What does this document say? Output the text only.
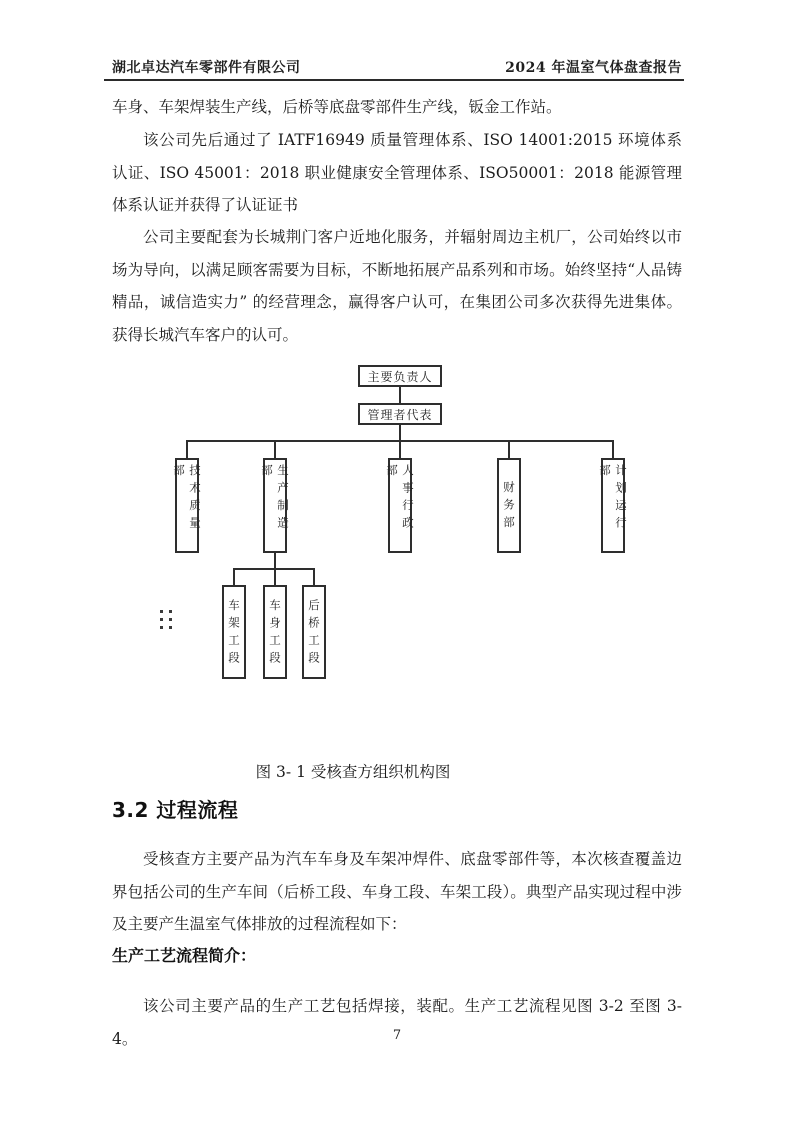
湖北卓达汽车零部件有限公司	2024 年温室气体盘查报告
车身、车架焊装生产线，后桥等底盘零部件生产线，钣金工作站。
该公司先后通过了 IATF16949 质量管理体系、ISO 14001:2015 环境体系认证、ISO 45001：2018 职业健康安全管理体系、ISO50001：2018 能源管理体系认证并获得了认证证书
公司主要配套为长城荆门客户近地化服务，并辐射周边主机厂，公司始终以市场为导向，以满足顾客需要为目标，不断地拓展产品系列和市场。始终坚持“人品铸精品，诚信造实力” 的经营理念，赢得客户认可，在集团公司多次获得先进集体。获得长城汽车客户的认可。
主要负责人
管理者代表
技术质量部	生产制造部	人事行政部
财务部	计划运行部
车架工段	车身工段	后桥工段
图 3- 1 受核查方组织机构图
3.2 过程流程
受核查方主要产品为汽车车身及车架冲焊件、底盘零部件等，本次核查覆盖边界包括公司的生产车间（后桥工段、车身工段、车架工段）。典型产品实现过程中涉及主要产生温室气体排放的过程流程如下：
生产工艺流程简介：
该公司主要产品的生产工艺包括焊接，装配。生产工艺流程见图 3-2 至图 3-4。	7
